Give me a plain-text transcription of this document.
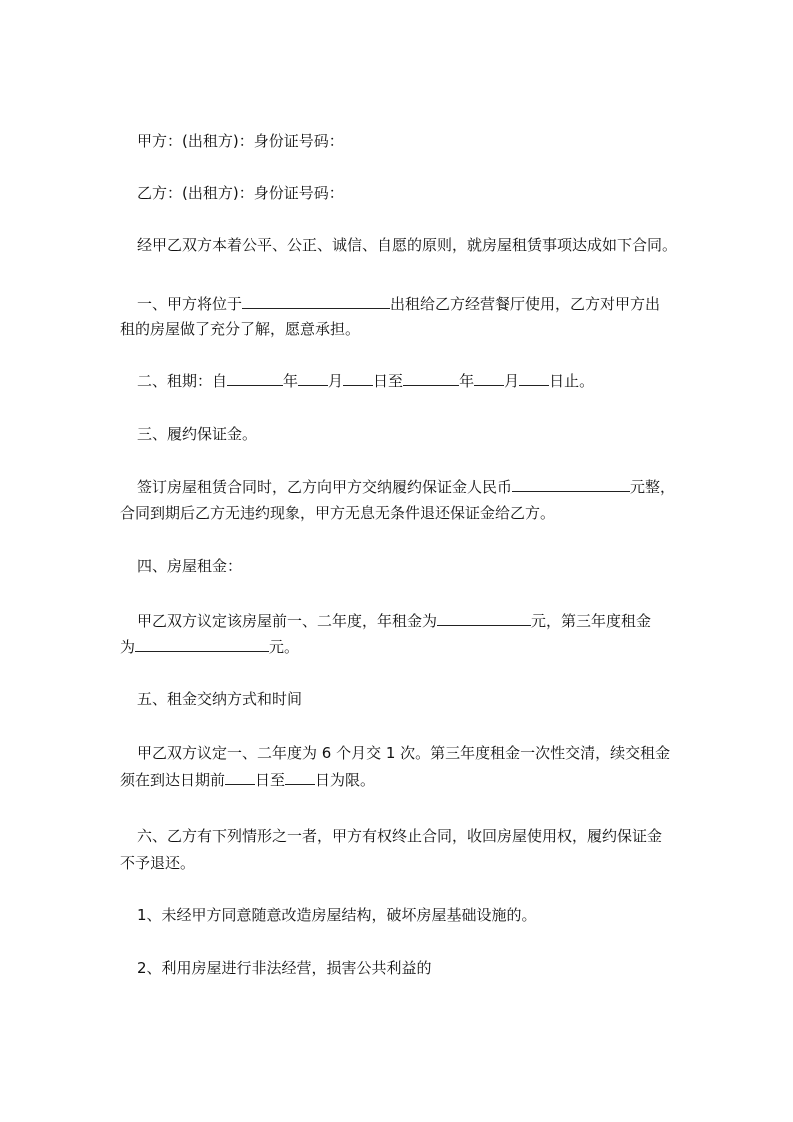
甲方：(出租方)：身份证号码：
乙方：(出租方)：身份证号码：
经甲乙双方本着公平、公正、诚信、自愿的原则，就房屋租赁事项达成如下合同。
一、甲方将位于	出租给乙方经营餐厅使用，乙方对甲方出
租的房屋做了充分了解，愿意承担。
二、租期：自	年 月 日至	年 月 日止。
三、履约保证金。
签订房屋租赁合同时，乙方向甲方交纳履约保证金人民币	元整，
合同到期后乙方无违约现象，甲方无息无条件退还保证金给乙方。
四、房屋租金：
甲乙双方议定该房屋前一、二年度，年租金为	元，第三年度租金
为	元。
五、租金交纳方式和时间
甲乙双方议定一、二年度为 6 个月交 1 次。第三年度租金一次性交清，续交租金
须在到达日期前 日至 日为限。
六、乙方有下列情形之一者，甲方有权终止合同，收回房屋使用权，履约保证金
不予退还。
1、未经甲方同意随意改造房屋结构，破坏房屋基础设施的。
2、利用房屋进行非法经营，损害公共利益的
